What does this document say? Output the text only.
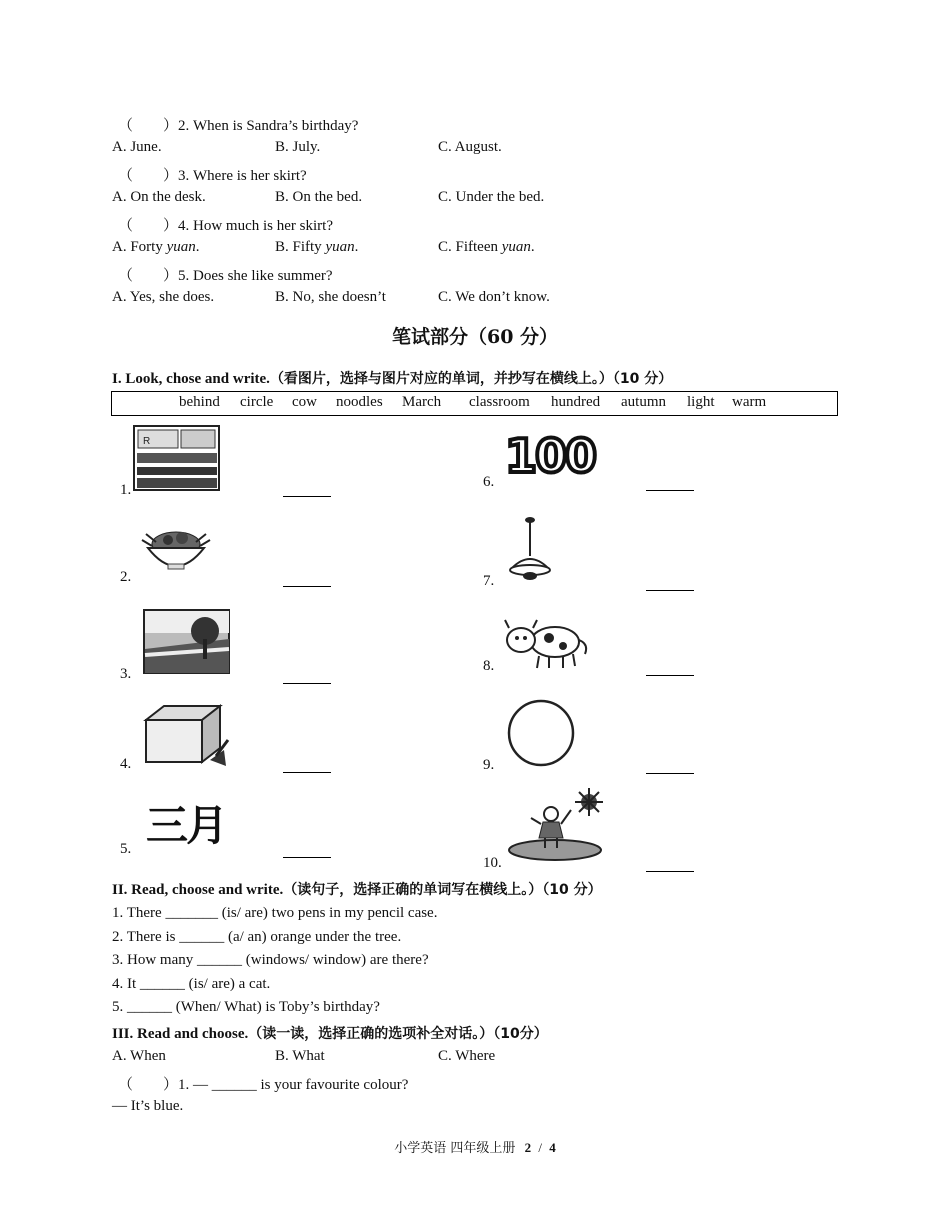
（　　）2. When is Sandra’s birthday?
A. June.	B. July.	C. August.
（　　）3. Where is her skirt?
A. On the desk.	B. On the bed.	C. Under the bed.
（　　）4. How much is her skirt?
A. Forty yuan.	B. Fifty yuan.	C. Fifteen yuan.
（　　）5. Does she like summer?
A. Yes, she does.	B. No, she doesn’t	C. We don’t know.
笔试部分（60 分）
I. Look, chose and write.（看图片，选择与图片对应的单词，并抄写在横线上。）（10 分）
behind circle cow noodles March classroom hundred autumn light warm
1.
2.
3.
4.
5.
6.
7.
8.
9.
10.
R
三月
100
II. Read, choose and write.（读句子，选择正确的单词写在横线上。）（10 分）
1. There _______ (is/ are) two pens in my pencil case.
2. There is ______ (a/ an) orange under the tree.
3. How many ______ (windows/ window) are there?
4. It ______ (is/ are) a cat.
5. ______ (When/ What) is Toby’s birthday?
III. Read and choose.（读一读，选择正确的选项补全对话。）（10分）
A. When	B. What	C. Where
（　　）1. — ______ is your favourite colour?
— It’s blue.
小学英语 四年级上册 2 / 4
